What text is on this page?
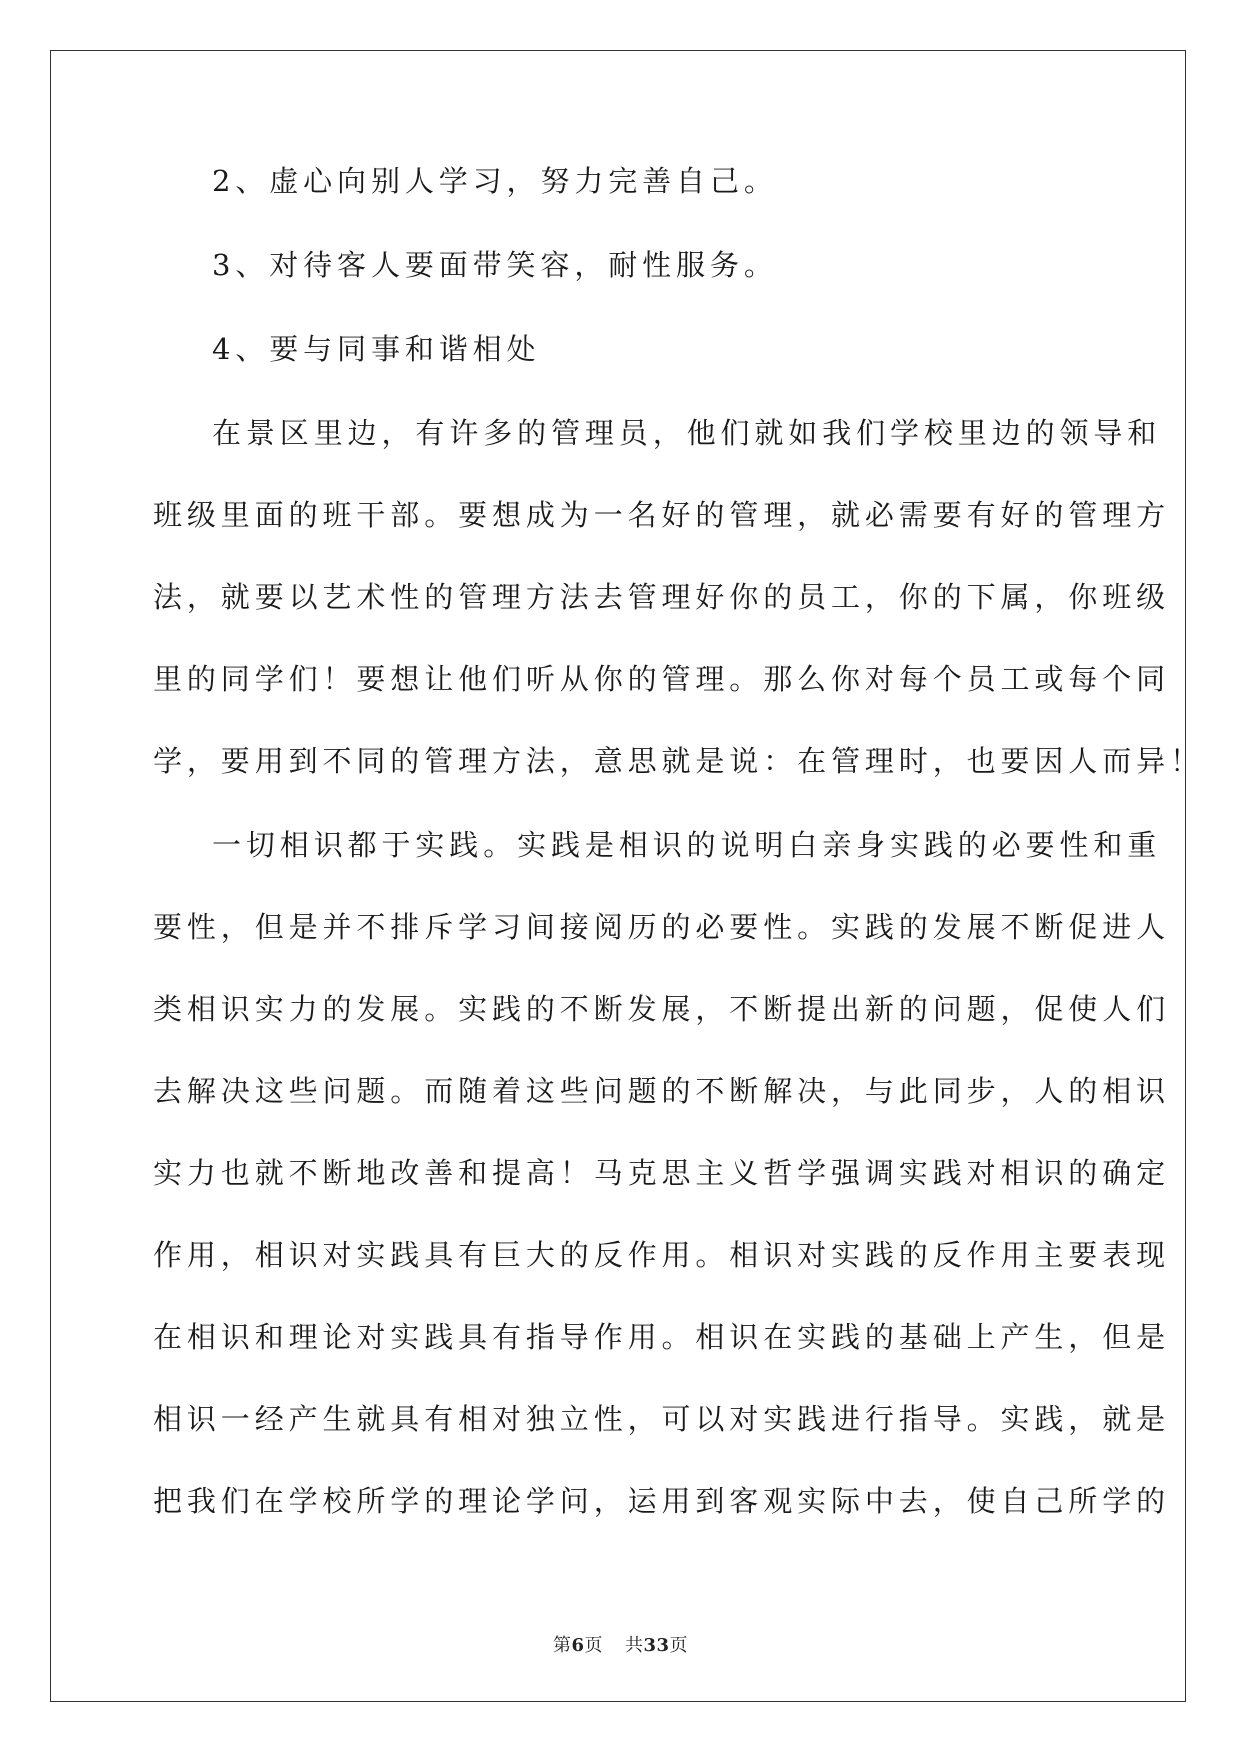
2、虚心向别人学习，努力完善自己。

3、对待客人要面带笑容，耐性服务。

4、要与同事和谐相处

在景区里边，有许多的管理员，他们就如我们学校里边的领导和

班级里面的班干部。要想成为一名好的管理，就必需要有好的管理方

法，就要以艺术性的管理方法去管理好你的员工，你的下属，你班级

里的同学们！要想让他们听从你的管理。那么你对每个员工或每个同

学，要用到不同的管理方法，意思就是说：在管理时，也要因人而异！

一切相识都于实践。实践是相识的说明白亲身实践的必要性和重

要性，但是并不排斥学习间接阅历的必要性。实践的发展不断促进人

类相识实力的发展。实践的不断发展，不断提出新的问题，促使人们

去解决这些问题。而随着这些问题的不断解决，与此同步，人的相识

实力也就不断地改善和提高！马克思主义哲学强调实践对相识的确定

作用，相识对实践具有巨大的反作用。相识对实践的反作用主要表现

在相识和理论对实践具有指导作用。相识在实践的基础上产生，但是

相识一经产生就具有相对独立性，可以对实践进行指导。实践，就是

把我们在学校所学的理论学问，运用到客观实际中去，使自己所学的

第6页 共33页
